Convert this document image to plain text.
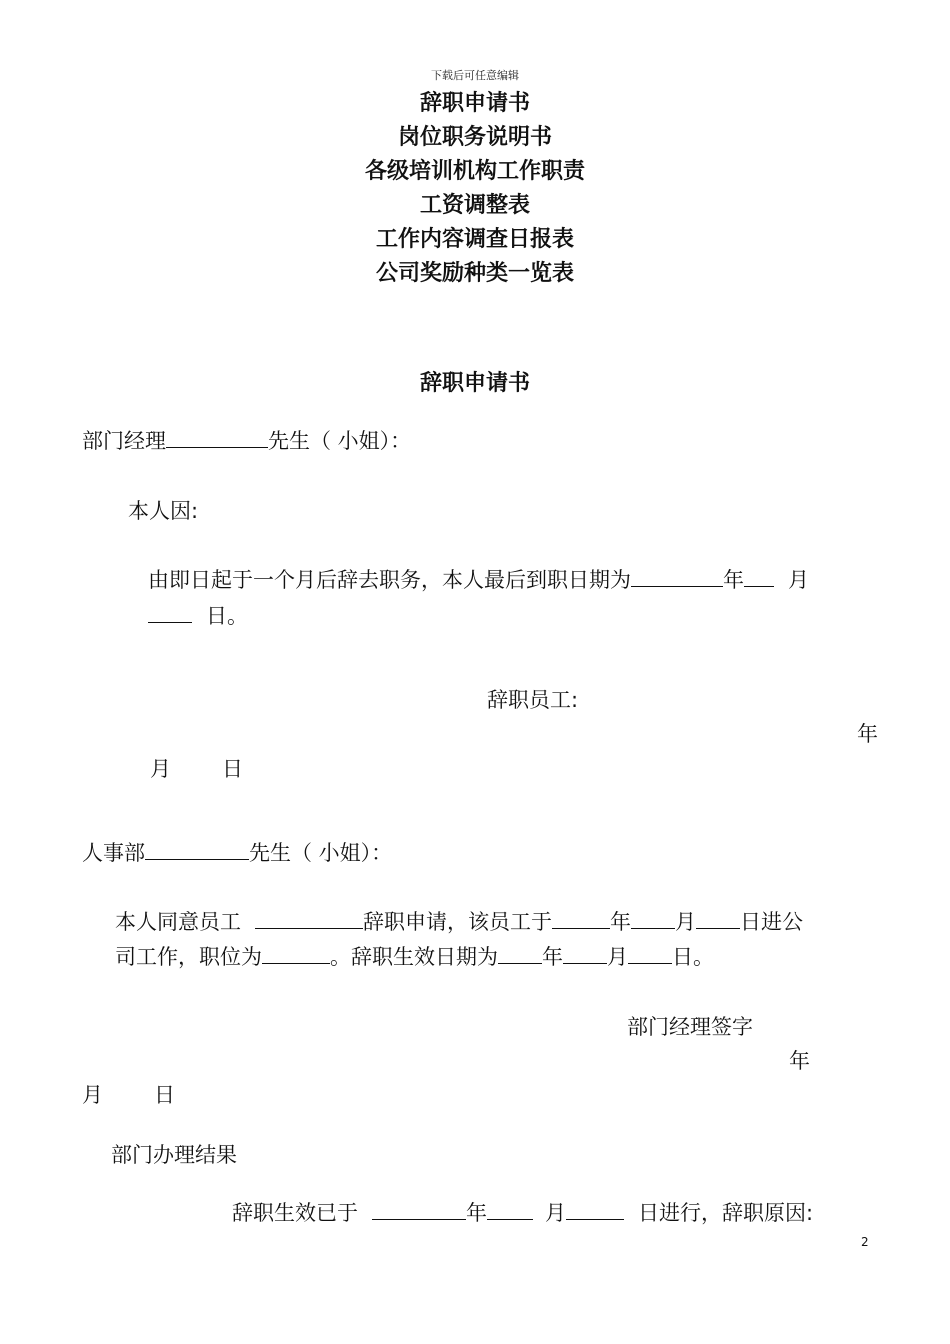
下载后可任意编辑
辞职申请书
岗位职务说明书
各级培训机构工作职责
工资调整表
工作内容调查日报表
公司奖励种类一览表
辞职申请书
部门经理	先生（ 小姐）：
本人因:
由即日起于一个月后辞去职务，本人最后到职日期为	年 月
日。
辞职员工:
年
月 日
人事部	先生（ 小姐）：
本人同意员工	辞职申请，该员工于	年 月 日进公
司工作，职位为	。辞职生效日期为 年 月 日。
部门经理签字
年
月 日
部门办理结果
辞职生效已于	年	月	日进行，辞职原因:
2
